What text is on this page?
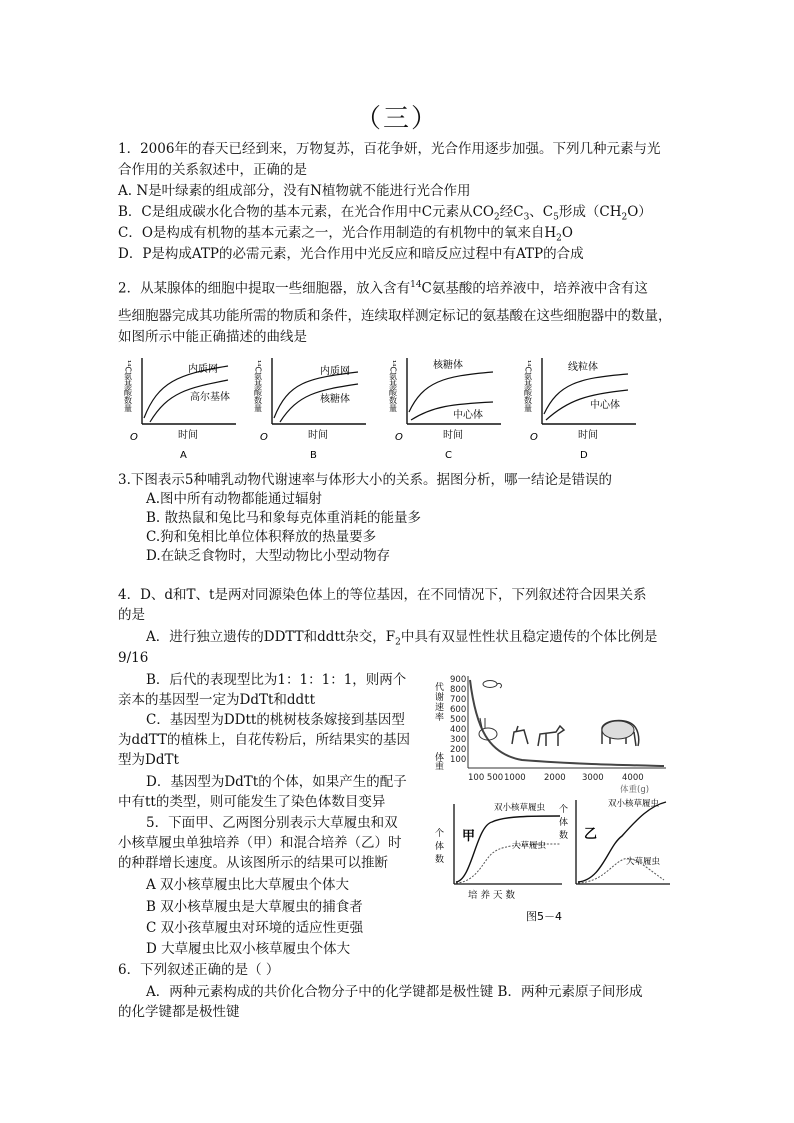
（三）
1．2006年的春天已经到来，万物复苏，百花争妍，光合作用逐步加强。下列几种元素与光
合作用的关系叙述中，正确的是
A. N是叶绿素的组成部分，没有N植物就不能进行光合作用
B．C是组成碳水化合物的基本元素，在光合作用中C元素从$CO_2$经$C_3$、$C_5$形成$(CH_2O)$
C．O是构成有机物的基本元素之一，光合作用制造的有机物中的氧来自$H_2O$
D．P是构成ATP的必需元素，光合作用中光反应和暗反应过程中有ATP的合成
2．从某腺体的细胞中提取一些细胞器，放入含有$^{14}$C氨基酸的培养液中，培养液中含有这
些细胞器完成其功能所需的物质和条件，连续取样测定标记的氨基酸在这些细胞器中的数量，
如图所示中能正确描述的曲线是
¹⁴C氨基酸数量	内质网
高尔基体
O	时间
A
¹⁴C氨基酸数量	内质网
核糖体
O	时间
B
¹⁴C氨基酸数量	核糖体
中心体
O	时间
C
¹⁴C氨基酸数量	线粒体
中心体
O	时间
D
3.下图表示5种哺乳动物代谢速率与体形大小的关系。据图分析，哪一结论是错误的
A.图中所有动物都能通过辐射
B. 散热鼠和兔比马和象每克体重消耗的能量多
C.狗和兔相比单位体积释放的热量要多
D.在缺乏食物时，大型动物比小型动物存
4．D、d和T、t是两对同源染色体上的等位基因，在不同情况下，下列叙述符合因果关系
的是
A．进行独立遗传的DDTT和ddtt杂交，$F_2$中具有双显性性状且稳定遗传的个体比例是
9/16
B．后代的表现型比为1：1：1：1，则两个
亲本的基因型一定为DdTt和ddtt
C．基因型为DDtt的桃树枝条嫁接到基因型
为ddTT的植株上，自花传粉后，所结果实的基因
型为DdTt
D．基因型为DdTt的个体，如果产生的配子
中有tt的类型，则可能发生了染色体数目变异
5．下面甲、乙两图分别表示大草履虫和双
小核草履虫单独培养（甲）和混合培养（乙）时
的种群增长速度。从该图所示的结果可以推断
A 双小核草履虫比大草履虫个体大
B 双小核草履虫是大草履虫的捕食者
C 双小孩草履虫对环境的适应性更强
D 大草履虫比双小核草履虫个体大
6．下列叙述正确的是（ ）
A．两种元素构成的共价化合物分子中的化学键都是极性键 B．两种元素原子间形成
的化学键都是极性键
代谢速率
体重
900
800
700
600
500
400
300
200
100
100 500 1000 2000 3000 4000
体重(g)
个体数 甲
双小核草履虫
大草履虫
培 养 天 数
个体数 乙
双小核草履虫
大草履虫
图5－4
